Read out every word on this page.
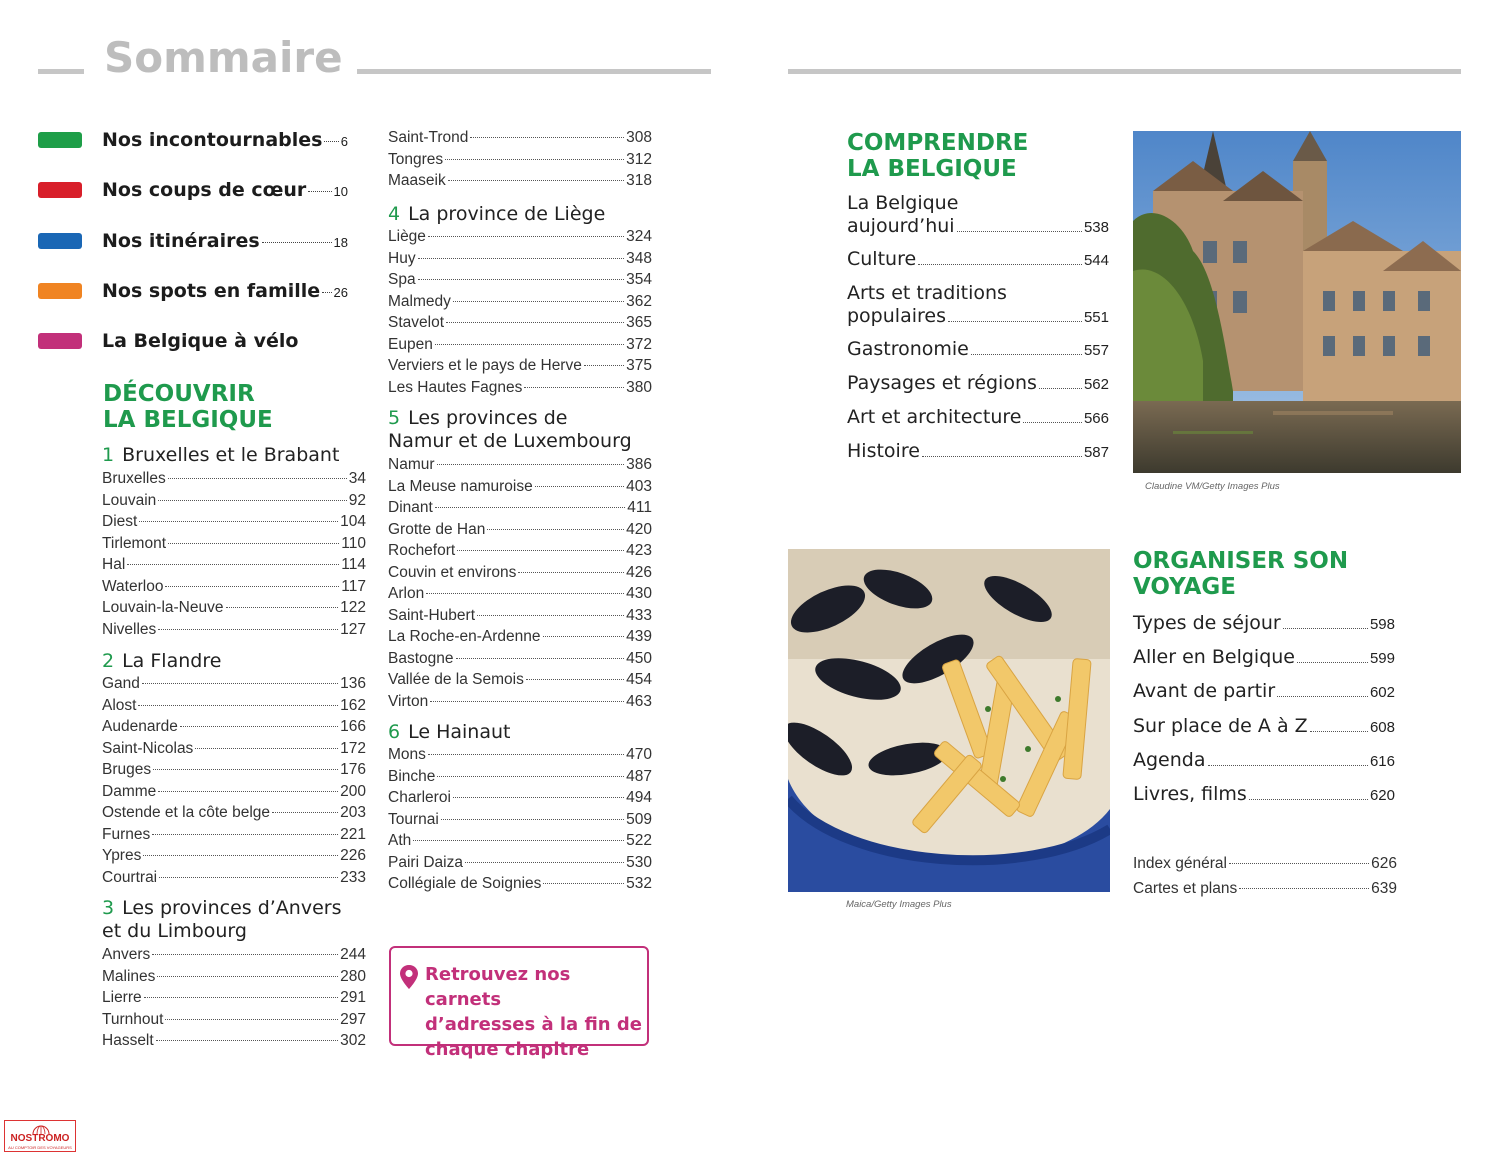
Sommaire
Nos incontournables 6
Nos coups de cœur 10
Nos itinéraires	18
Nos spots en famille 26
La Belgique à vélo
DÉCOUVRIR
LA BELGIQUE
1 Bruxelles et le Brabant
Bruxelles	34
Louvain	92
Diest	104
Tirlemont	110
Hal	114
Waterloo	117
Louvain-la-Neuve	122
Nivelles	127
2 La Flandre
Gand	136
Alost	162
Audenarde	166
Saint-Nicolas	172
Bruges	176
Damme	200
Ostende et la côte belge	203
Furnes	221
Ypres	226
Courtrai	233
3 Les provinces d’Anvers
et du Limbourg
Anvers	244
Malines	280
Lierre	291
Turnhout	297
Hasselt	302
Saint-Trond	308
Tongres	312
Maaseik	318
4 La province de Liège
Liège	324
Huy	348
Spa	354
Malmedy	362
Stavelot	365
Eupen	372
Verviers et le pays de Herve	375
Les Hautes Fagnes	380
5 Les provinces de
Namur et de Luxembourg
Namur	386
La Meuse namuroise	403
Dinant	411
Grotte de Han	420
Rochefort	423
Couvin et environs	426
Arlon	430
Saint-Hubert	433
La Roche-en-Ardenne	439
Bastogne	450
Vallée de la Semois	454
Virton	463
6 Le Hainaut
Mons	470
Binche	487
Charleroi	494
Tournai	509
Ath	522
Pairi Daiza	530
Collégiale de Soignies	532
Retrouvez nos carnets
d’adresses à la fin de
chaque chapitre
COMPRENDRE
LA BELGIQUE
La Belgique
aujourd’hui	538
Culture	544
Arts et traditions
populaires	551
Gastronomie	557
Paysages et régions	562
Art et architecture	566
Histoire	587
Claudine VM/Getty Images Plus
Maica/Getty Images Plus
ORGANISER SON
VOYAGE
Types de séjour	598
Aller en Belgique	599
Avant de partir	602
Sur place de A à Z	608
Agenda	616
Livres, films	620
Index général	626
Cartes et plans	639
NOSTROMO
AU COMPTOIR DES VOYAGEURS
